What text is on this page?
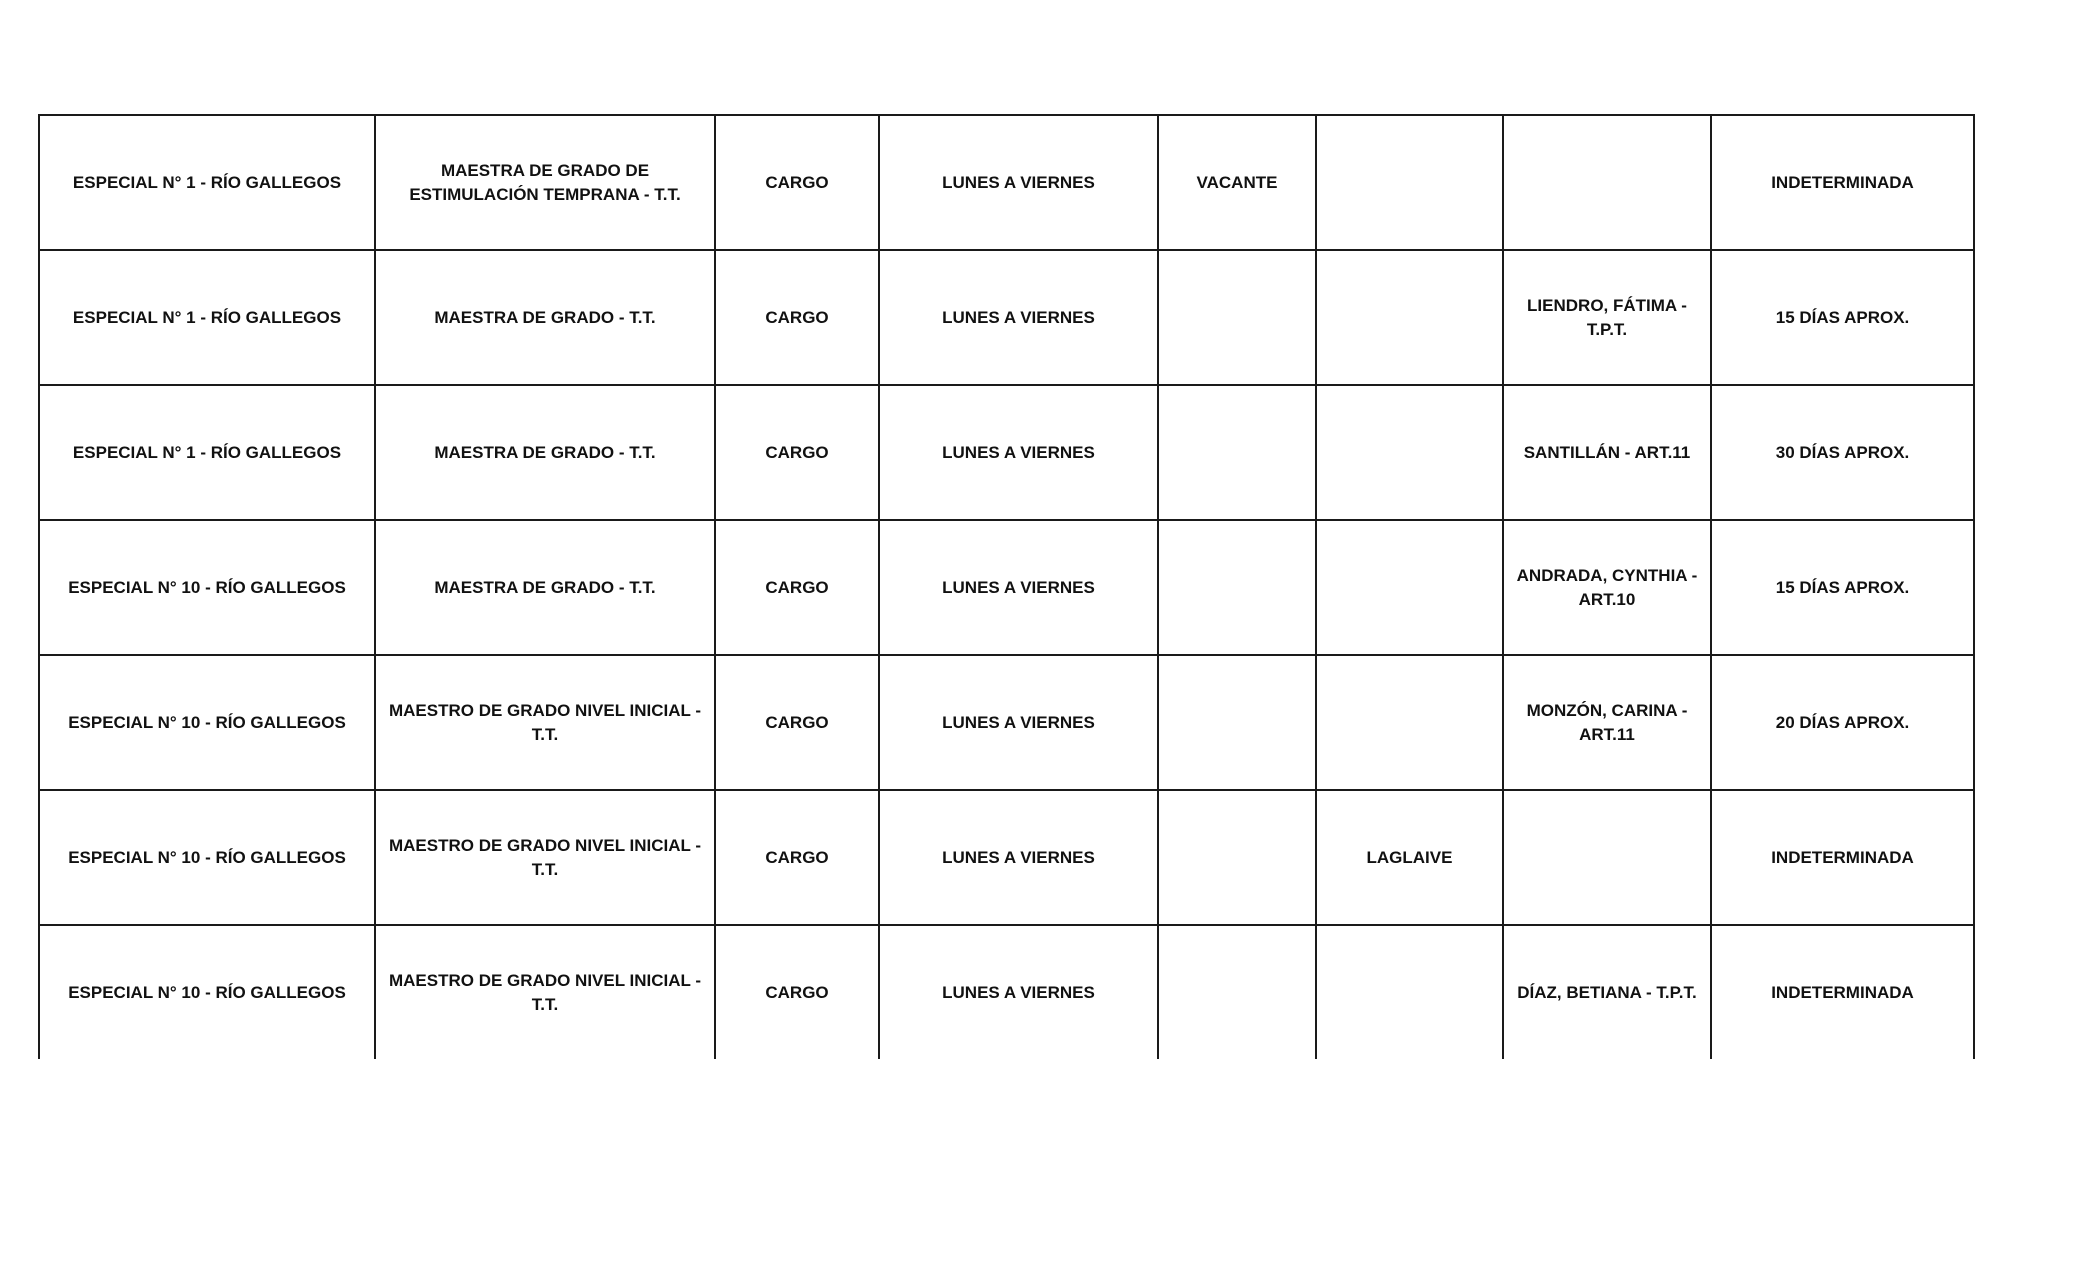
ESPECIAL N° 1 - RÍO GALLEGOS	MAESTRA DE GRADO DE ESTIMULACIÓN TEMPRANA - T.T.	CARGO	LUNES A VIERNES	VACANTE			INDETERMINADA
ESPECIAL N° 1 - RÍO GALLEGOS	MAESTRA DE GRADO - T.T.	CARGO	LUNES A VIERNES			LIENDRO, FÁTIMA - T.P.T.	15 DÍAS APROX.
ESPECIAL N° 1 - RÍO GALLEGOS	MAESTRA DE GRADO - T.T.	CARGO	LUNES A VIERNES			SANTILLÁN - ART.11	30 DÍAS APROX.
ESPECIAL N° 10 - RÍO GALLEGOS	MAESTRA DE GRADO - T.T.	CARGO	LUNES A VIERNES			ANDRADA, CYNTHIA - ART.10	15 DÍAS APROX.
ESPECIAL N° 10 - RÍO GALLEGOS	MAESTRO DE GRADO NIVEL INICIAL - T.T.	CARGO	LUNES A VIERNES			MONZÓN, CARINA - ART.11	20 DÍAS APROX.
ESPECIAL N° 10 - RÍO GALLEGOS	MAESTRO DE GRADO NIVEL INICIAL - T.T.	CARGO	LUNES A VIERNES		LAGLAIVE		INDETERMINADA
ESPECIAL N° 10 - RÍO GALLEGOS	MAESTRO DE GRADO NIVEL INICIAL - T.T.	CARGO	LUNES A VIERNES			DÍAZ, BETIANA - T.P.T.	INDETERMINADA
